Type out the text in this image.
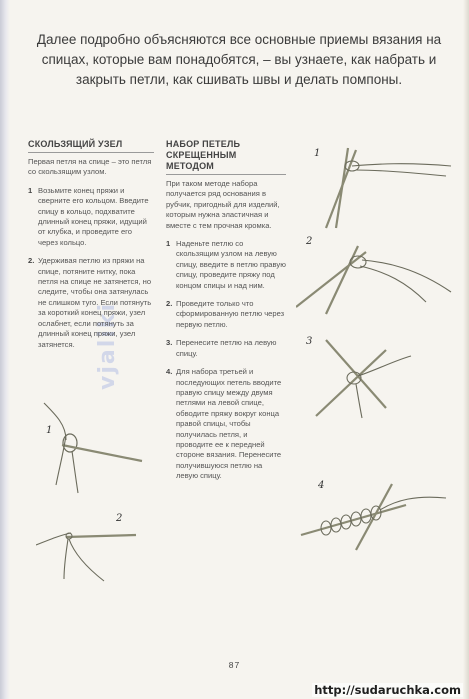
Далее подробно объясняются все основные приемы вязания на спицах, которые вам понадобятся, – вы узнаете, как набрать и закрыть петли, как сшивать швы и делать помпоны.

vjaliki
СКОЛЬЗЯЩИЙ УЗЕЛ
Первая петля на спице – это петля со скользящим узлом.
1 Возьмите конец пряжи и сверните его кольцом. Введите спицу в кольцо, подхватите длинный конец пряжи, идущий от клубка, и проведите его через кольцо.
2. Удерживая петлю из пряжи на спице, потяните нитку, пока петля на спице не затянется, но следите, чтобы она затянулась не слишком туго. Если потянуть за короткий конец пряжи, узел ослабнет, если потянуть за длинный конец пряжи, узел затянется.
НАБОР ПЕТЕЛЬ СКРЕЩЕННЫМ МЕТОДОМ
При таком методе набора получается ряд основания в рубчик, пригодный для изделий, которым нужна эластичная и вместе с тем прочная кромка.
1 Наденьте петлю со скользящим узлом на левую спицу, введите в петлю правую спицу, проведите пряжу под концом спицы и над ним.
2. Проведите только что сформированную петлю через первую петлю.
3. Перенесите петлю на левую спицу.
4. Для набора третьей и последующих петель вводите правую спицу между двумя петлями на левой спице, обводите пряжу вокруг конца правой спицы, чтобы получилась петля, и проводите ее к передней стороне вязания. Перенесите получившуюся петлю на левую спицу.
1
2
1
2
3
4
87
http://sudaruchka.com
